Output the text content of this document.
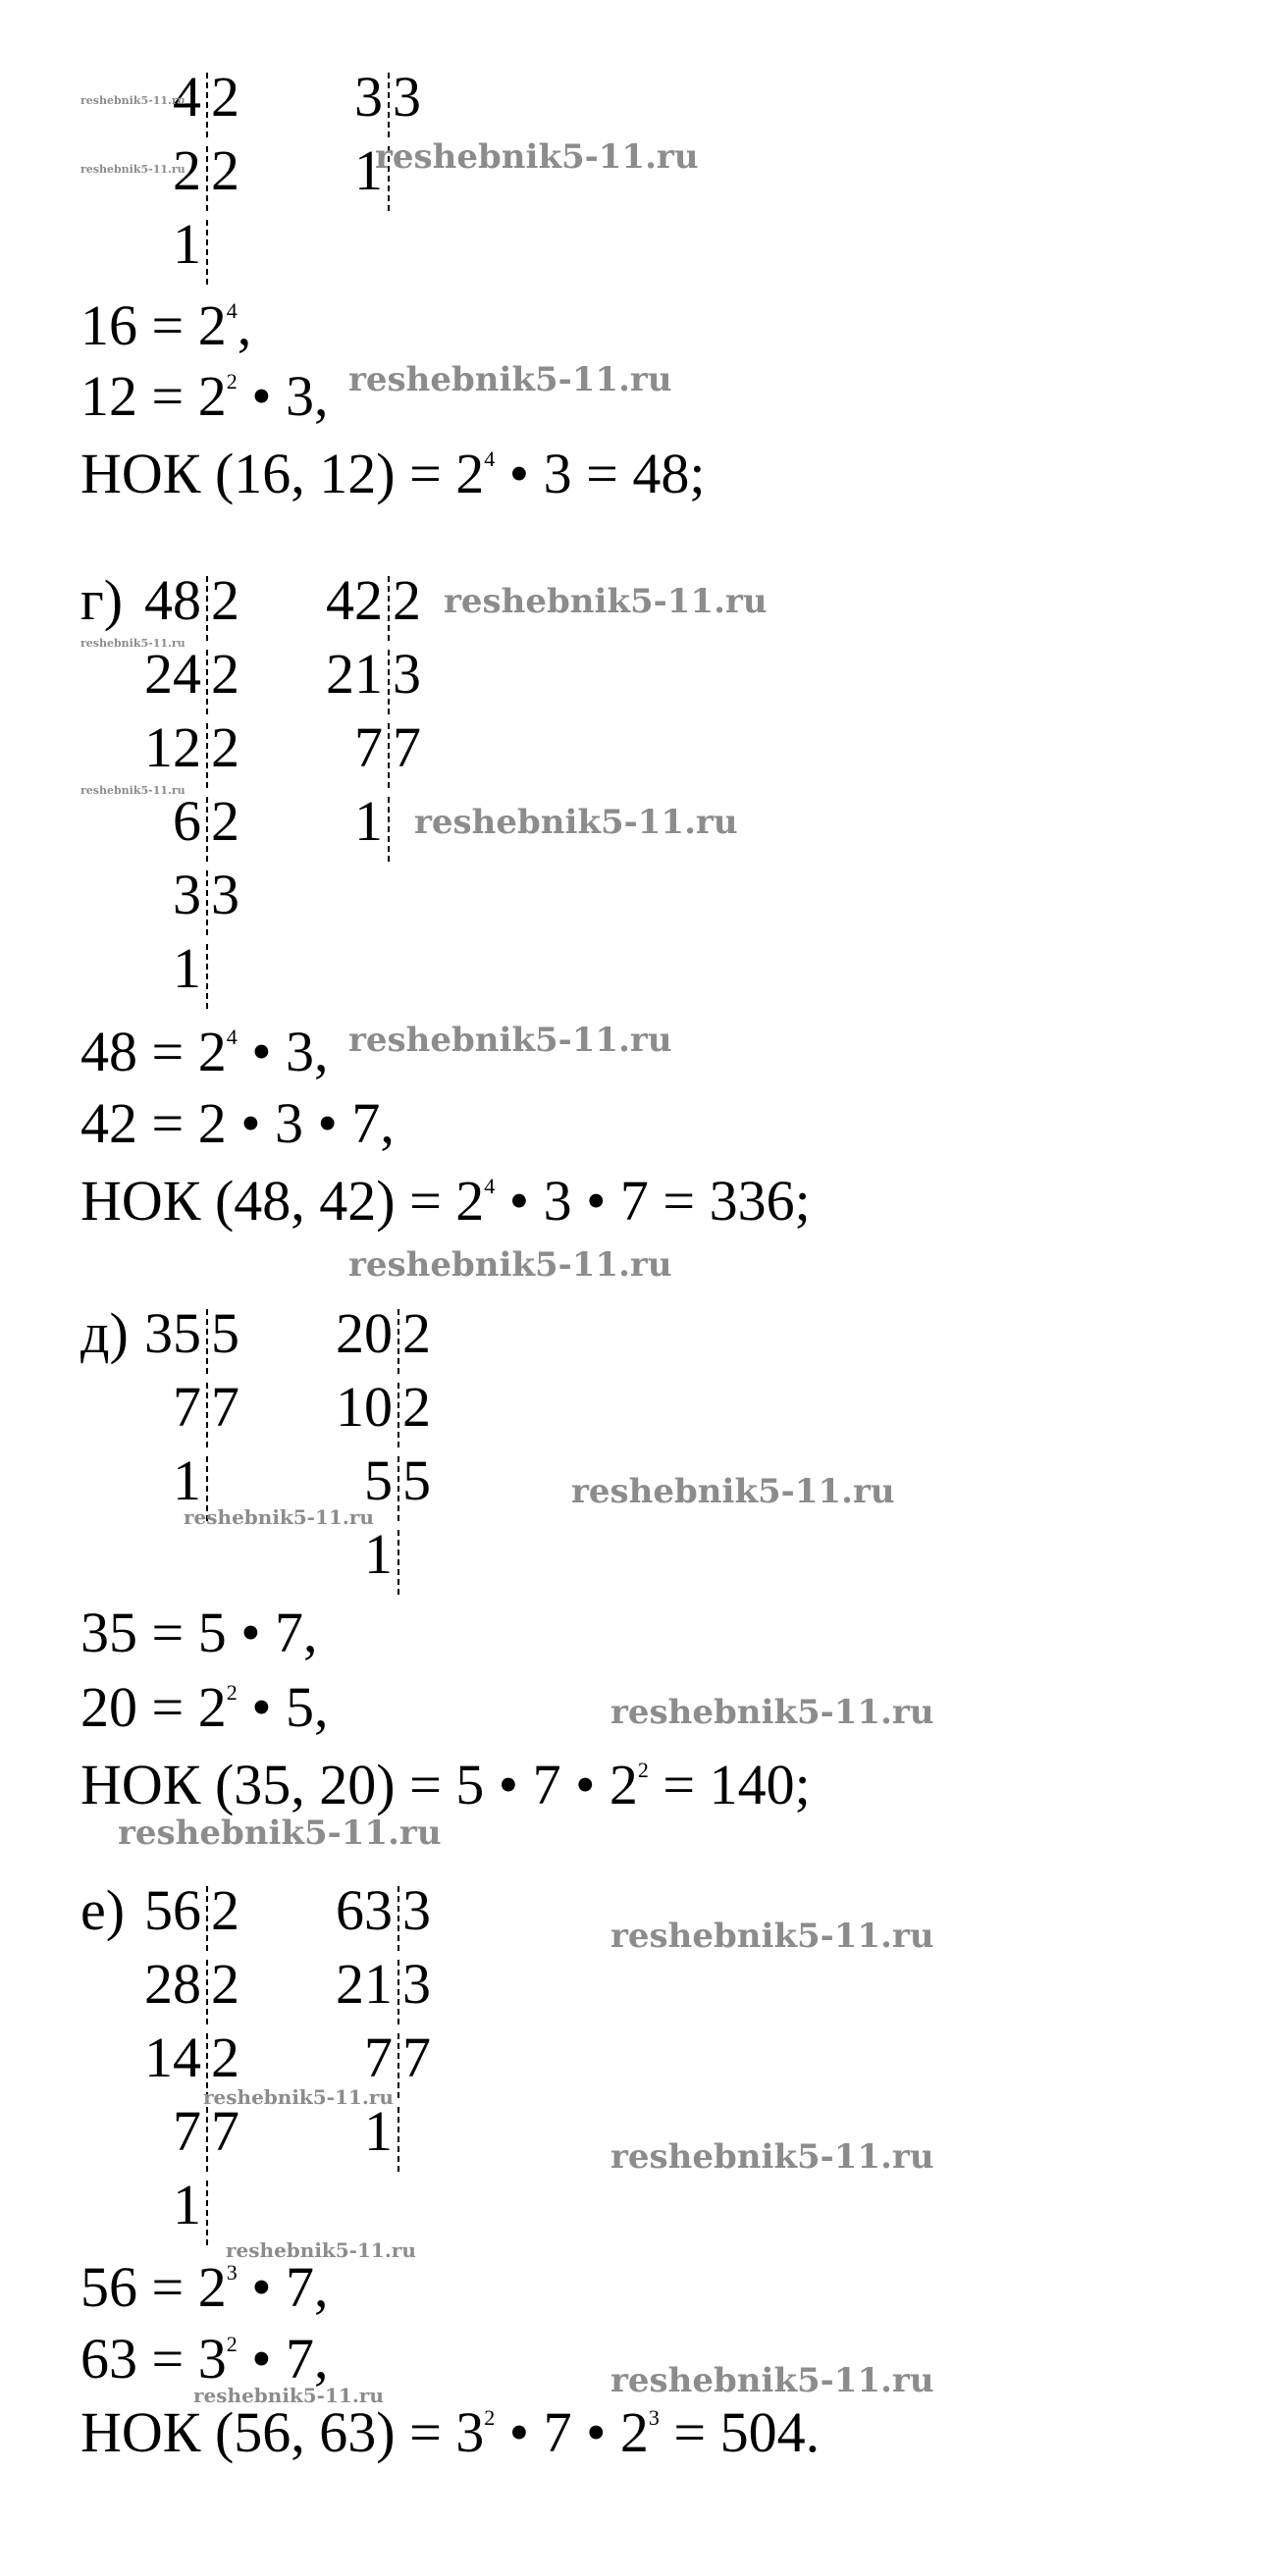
4 2
2 2
1
3 3
1
$16 = 2^4$,
$12 = 2^2$ • 3,
НОК (16, $12) = 2^4$ • 3 = 48;
г) 48 2
24 2
12 2
6 2
3 3
1
42 2
21 3
7 7
1
$48 = 2^4$ • 3,
42 = 2 • 3 • 7,
НОК (48, $42) = 2^4$ • 3 • 7 = 336;
д) 35 5
7 7
1
20 2
10 2
5 5
1
35 = 5 • 7,
$20 = 2^2$ • 5,
НОК (35, 20) = 5 • 7 • $2^2 = 140$;
е) 56 2
28 2
14 2
7 7
1
63 3
21 3
7 7
1
$56 = 2^3$ • 7,
$63 = 3^2$ • 7,
НОК (56, $63) = 3^2$ • 7 • $2^3 = 504$.
reshebnik5-11.ru
reshebnik5-11.ru	reshebnik5-11.ru
reshebnik5-11.ru
reshebnik5-11.ru
reshebnik5-11.ru
reshebnik5-11.ru
reshebnik5-11.ru
reshebnik5-11.ru
reshebnik5-11.ru
reshebnik5-11.ru
reshebnik5-11.ru
reshebnik5-11.ru
reshebnik5-11.ru
reshebnik5-11.ru
reshebnik5-11.ru
reshebnik5-11.ru
reshebnik5-11.ru
reshebnik5-11.ru
reshebnik5-11.ru
